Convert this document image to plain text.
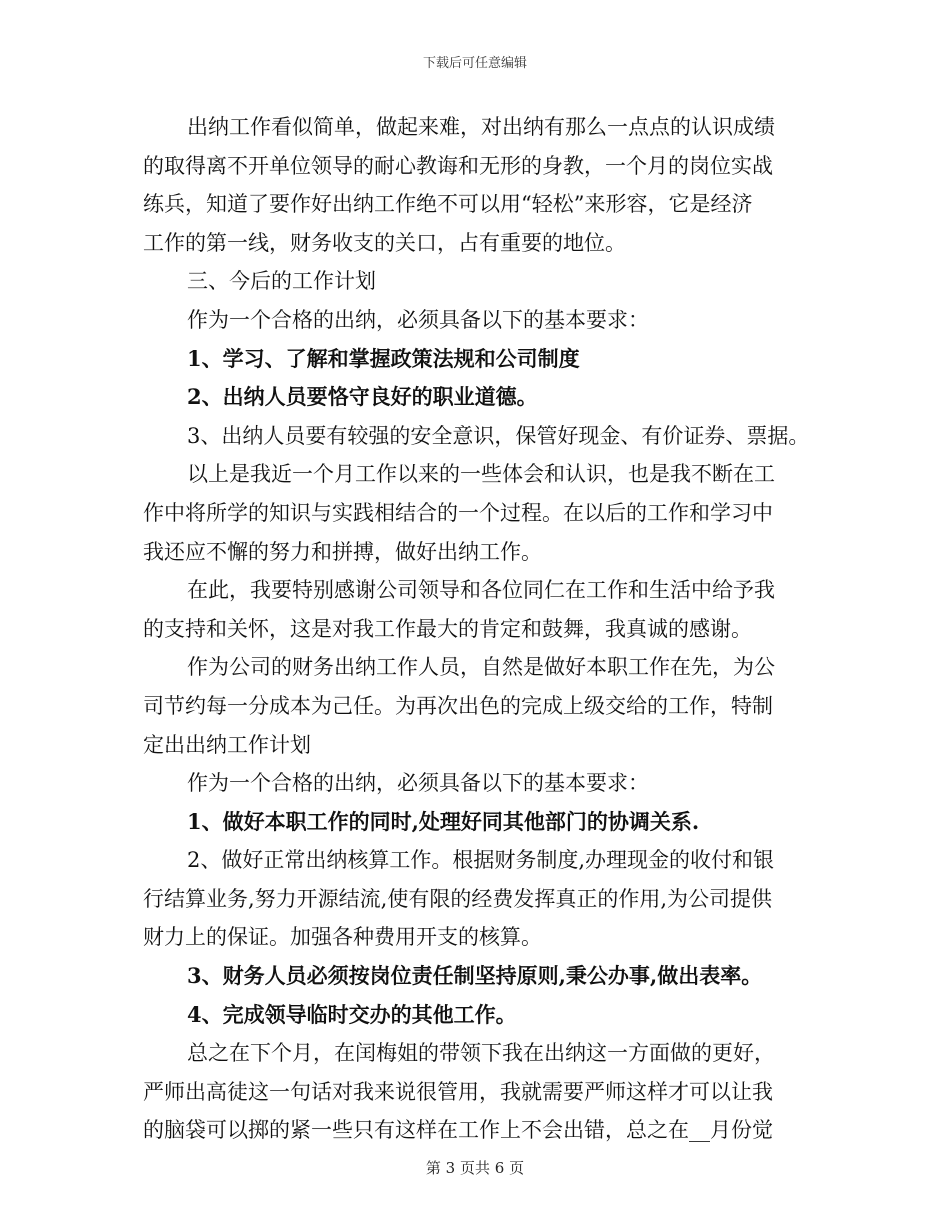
下载后可任意编辑
出纳工作看似简单，做起来难，对出纳有那么一点点的认识成绩
的取得离不开单位领导的耐心教诲和无形的身教，一个月的岗位实战
练兵，知道了要作好出纳工作绝不可以用“轻松”来形容，它是经济
工作的第一线，财务收支的关口，占有重要的地位。
三、今后的工作计划
作为一个合格的出纳，必须具备以下的基本要求：
1、学习、了解和掌握政策法规和公司制度
2、出纳人员要恪守良好的职业道德。
3、出纳人员要有较强的安全意识，保管好现金、有价证券、票据。
以上是我近一个月工作以来的一些体会和认识，也是我不断在工
作中将所学的知识与实践相结合的一个过程。在以后的工作和学习中
我还应不懈的努力和拼搏，做好出纳工作。
在此，我要特别感谢公司领导和各位同仁在工作和生活中给予我
的支持和关怀，这是对我工作最大的肯定和鼓舞，我真诚的感谢。
作为公司的财务出纳工作人员，自然是做好本职工作在先，为公
司节约每一分成本为己任。为再次出色的完成上级交给的工作，特制
定出出纳工作计划
作为一个合格的出纳，必须具备以下的基本要求：
1、做好本职工作的同时,处理好同其他部门的协调关系.
2、做好正常出纳核算工作。根据财务制度,办理现金的收付和银
行结算业务,努力开源结流,使有限的经费发挥真正的作用,为公司提供
财力上的保证。加强各种费用开支的核算。
3、财务人员必须按岗位责任制坚持原则,秉公办事,做出表率。
4、完成领导临时交办的其他工作。
总之在下个月，在闰梅姐的带领下我在出纳这一方面做的更好，
严师出高徒这一句话对我来说很管用，我就需要严师这样才可以让我
的脑袋可以掷的紧一些只有这样在工作上不会出错，总之在__月份觉
第 3 页共 6 页
